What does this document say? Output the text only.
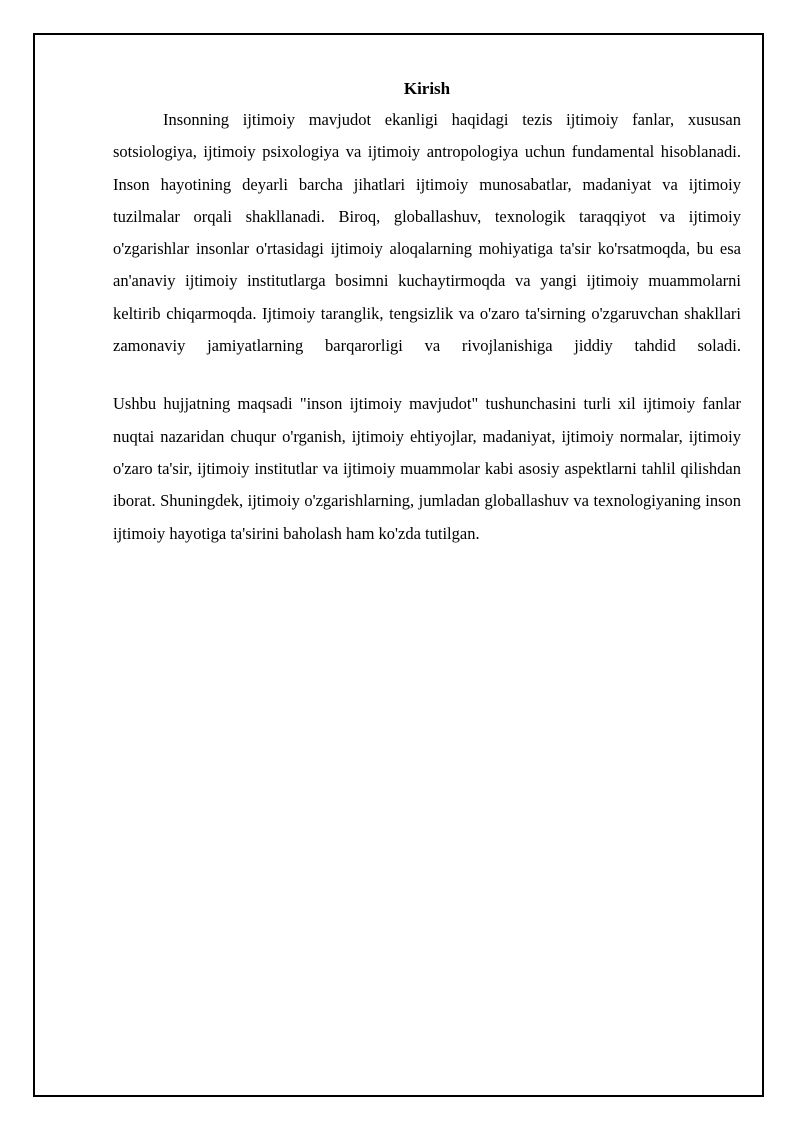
Kirish

Insonning ijtimoiy mavjudot ekanligi haqidagi tezis ijtimoiy fanlar, xususan sotsiologiya, ijtimoiy psixologiya va ijtimoiy antropologiya uchun fundamental hisoblanadi. Inson hayotining deyarli barcha jihatlari ijtimoiy munosabatlar, madaniyat va ijtimoiy tuzilmalar orqali shakllanadi. Biroq, globallashuv, texnologik taraqqiyot va ijtimoiy o'zgarishlar insonlar o'rtasidagi ijtimoiy aloqalarning mohiyatiga ta'sir ko'rsatmoqda, bu esa an'anaviy ijtimoiy institutlarga bosimni kuchaytirmoqda va yangi ijtimoiy muammolarni keltirib chiqarmoqda. Ijtimoiy taranglik, tengsizlik va o'zaro ta'sirning o'zgaruvchan shakllari zamonaviy jamiyatlarning barqarorligi va rivojlanishiga jiddiy tahdid soladi.

Ushbu hujjatning maqsadi "inson ijtimoiy mavjudot" tushunchasini turli xil ijtimoiy fanlar nuqtai nazaridan chuqur o'rganish, ijtimoiy ehtiyojlar, madaniyat, ijtimoiy normalar, ijtimoiy o'zaro ta'sir, ijtimoiy institutlar va ijtimoiy muammolar kabi asosiy aspektlarni tahlil qilishdan iborat. Shuningdek, ijtimoiy o'zgarishlarning, jumladan globallashuv va texnologiyaning inson ijtimoiy hayotiga ta'sirini baholash ham ko'zda tutilgan.
